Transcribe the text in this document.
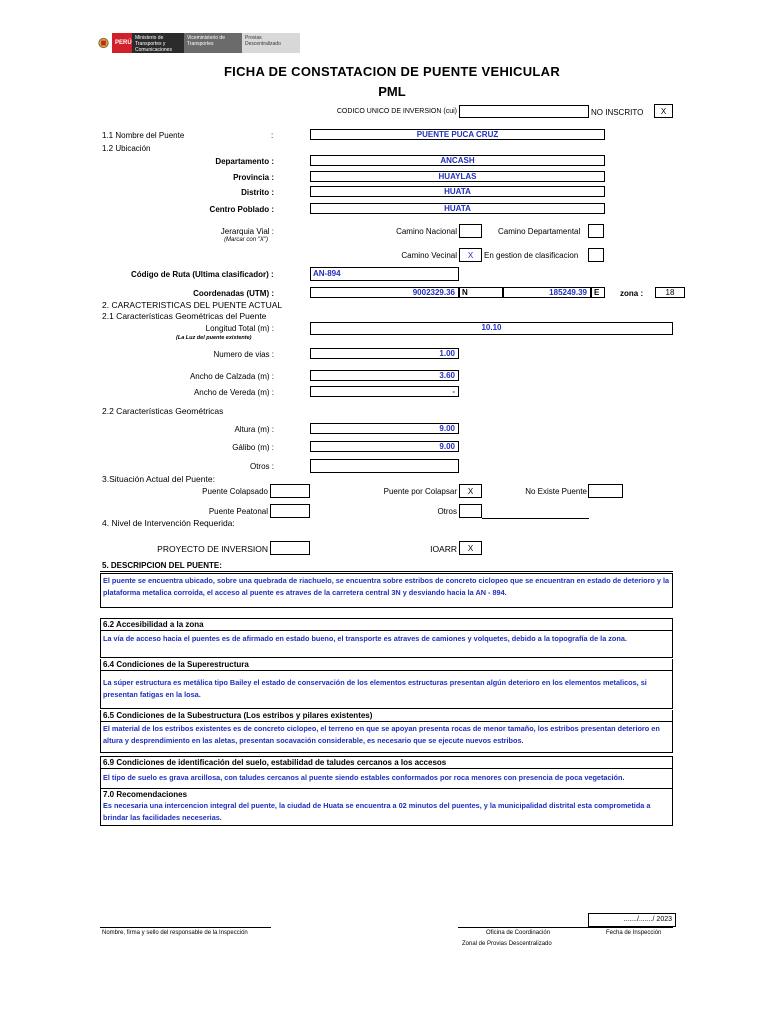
PERÚ
Ministerio de Transportes y Comunicaciones
Viceministerio de Transportes
Provias Descentralizado
FICHA DE CONSTATACION DE PUENTE VEHICULAR
PML
CODICO UNICO DE INVERSION (cui)	NO INSCRITO	X
1.1 Nombre del Puente	:	PUENTE PUCA CRUZ
1.2 Ubicación
Departamento :	ANCASH
Provincia :	HUAYLAS
Distrito :	HUATA
Centro Poblado :	HUATA
Jerarquia Vial :
(Marcar con "X")
Camino Nacional	Camino Departamental
Camino Vecinal	X	En gestion de clasificacion
Código de Ruta (Ultima clasificador) :	AN-894
Coordenadas (UTM) :	9002329.36 N	185249.39 E	zona :	18
2. CARACTERISTICAS DEL PUENTE ACTUAL
2.1 Características Geométricas del Puente
Longitud Total (m) :
(La Luz del puente existente)
10.10
Numero de vias :	1.00
Ancho de Calzada (m) :	3.60
Ancho de Vereda (m) :	-
2.2 Características Geométricas
Altura (m) :	9.00
Gálibo (m) :	9.00
Otros :
3.Situación Actual del Puente:
Puente Colapsado	Puente por Colapsar	X	No Existe Puente
Puente Peatonal	Otros
4. Nivel de Intervención Requerida:
PROYECTO DE INVERSION	IOARR	X
5. DESCRIPCION DEL PUENTE:
El puente se encuentra ubicado, sobre una quebrada de riachuelo, se encuentra sobre estribos de concreto ciclopeo que se encuentran en estado de deterioro y la plataforma metalica corroida, el acceso al puente es atraves de la carretera central 3N y desviando hacia la AN - 894.
6.2 Accesibilidad a la zona
La vía de acceso hacia el puentes es de afirmado en estado bueno, el transporte es atraves de camiones y volquetes, debido a la topografía de la zona.
6.4 Condiciones de la Superestructura
La súper estructura es metálica tipo Bailey el estado de conservación de los elementos estructuras presentan algún deterioro en los elementos metalicos, si presentan fatigas en la losa.
6.5 Condiciones de la Subestructura (Los estribos y pilares existentes)
El material de los estribos existentes es de concreto ciclopeo, el terreno en que se apoyan presenta rocas de menor tamaño, los estribos presentan deterioro en altura y desprendimiento en las aletas, presentan socavación considerable, es necesario que se ejecute nuevos estribos.
6.9 Condiciones de identificación del suelo, estabilidad de taludes cercanos a los accesos
El tipo de suelo es grava arcillosa, con taludes cercanos al puente siendo estables conformados por roca menores con presencia de poca vegetación.
7.0 Recomendaciones
Es necesaria una intercencion integral del puente, la ciudad de Huata se encuentra a 02 minutos del puentes, y la municipalidad distrital esta comprometida a brindar las facilidades neceserias.
Nombre, firma y sello del responsable de la Inspección	Oficina de Coordinación
Zonal de Provias Descentralizado
......./......./ 2023
Fecha de Inspección
